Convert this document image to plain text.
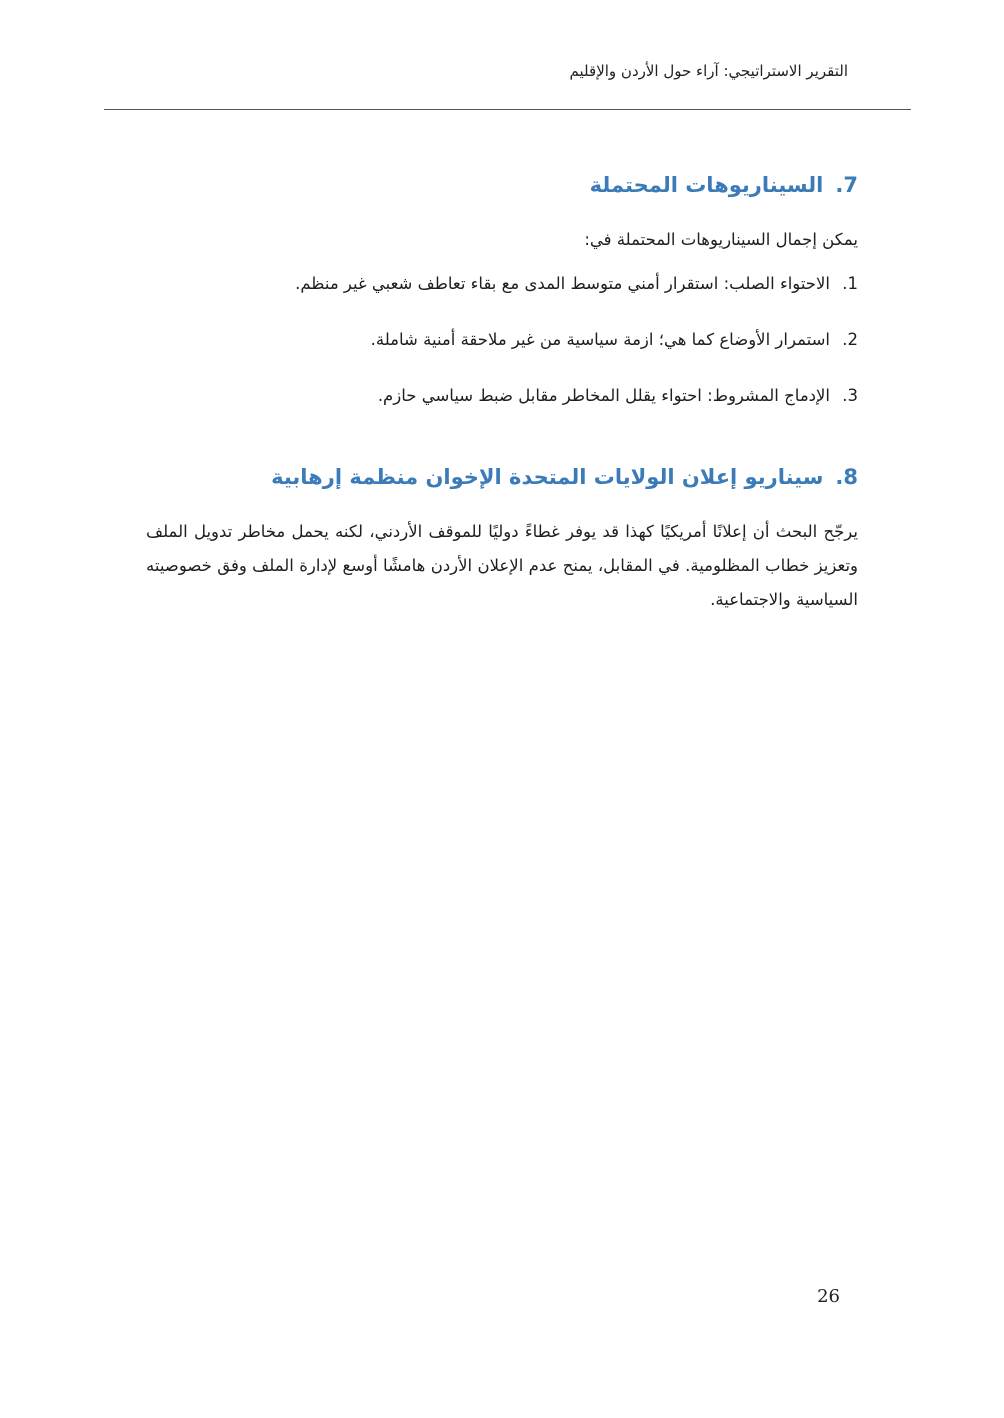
التقرير الاستراتيجي: آراء حول الأردن والإقليم
7.السيناريوهات المحتملة

يمكن إجمال السيناريوهات المحتملة في:

1.الاحتواء الصلب: استقرار أمني متوسط المدى مع بقاء تعاطف شعبي غير منظم.
2.استمرار الأوضاع كما هي؛ ازمة سياسية من غير ملاحقة أمنية شاملة.
3.الإدماج المشروط: احتواء يقلل المخاطر مقابل ضبط سياسي حازم.
8.سيناريو إعلان الولايات المتحدة الإخوان منظمة إرهابية

يرجّح البحث أن إعلانًا أمريكيًا كهذا قد يوفر غطاءً دوليًا للموقف الأردني، لكنه يحمل مخاطر تدويل الملف وتعزيز خطاب المظلومية. في المقابل، يمنح عدم الإعلان الأردن هامشًا أوسع لإدارة الملف وفق خصوصيته السياسية والاجتماعية.

26
